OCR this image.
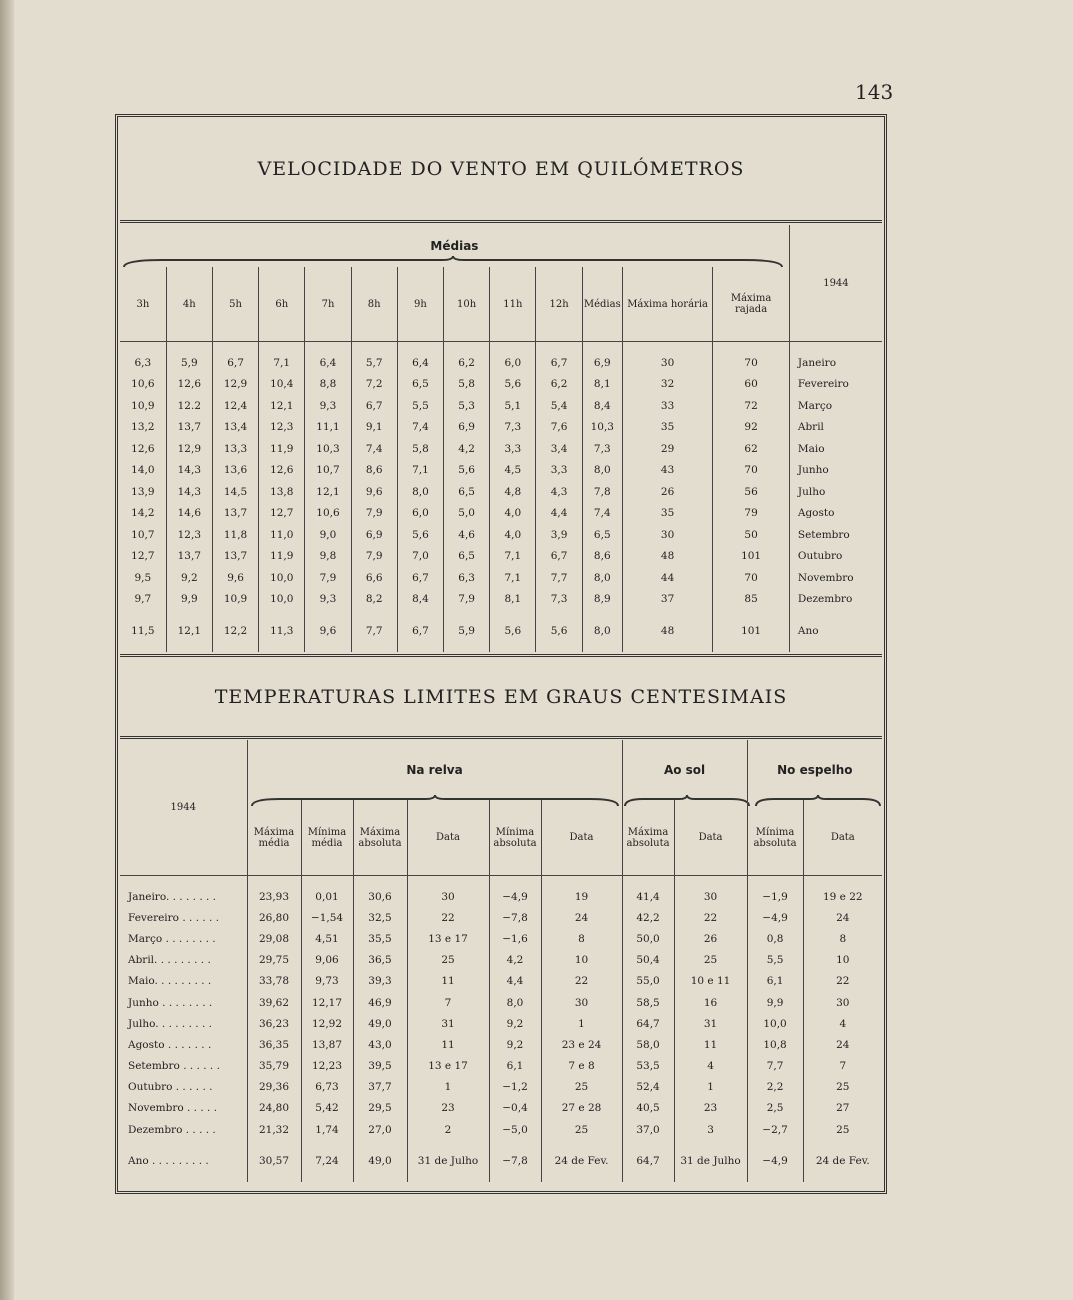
143
VELOCIDADE DO VENTO EM QUILÓMETROS
Médias													1944
3h	4h	5h	6h	7h	8h	9h	10h	11h	12h	Médias	Máxima horária	Máxima rajada	

6,3	5,9	6,7	7,1	6,4	5,7	6,4	6,2	6,0	6,7	6,9	30	70	Janeiro
10,6	12,6	12,9	10,4	8,8	7,2	6,5	5,8	5,6	6,2	8,1	32	60	Fevereiro
10,9	12.2	12,4	12,1	9,3	6,7	5,5	5,3	5,1	5,4	8,4	33	72	Março
13,2	13,7	13,4	12,3	11,1	9,1	7,4	6,9	7,3	7,6	10,3	35	92	Abril
12,6	12,9	13,3	11,9	10,3	7,4	5,8	4,2	3,3	3,4	7,3	29	62	Maio
14,0	14,3	13,6	12,6	10,7	8,6	7,1	5,6	4,5	3,3	8,0	43	70	Junho
13,9	14,3	14,5	13,8	12,1	9,6	8,0	6,5	4,8	4,3	7,8	26	56	Julho
14,2	14,6	13,7	12,7	10,6	7,9	6,0	5,0	4,0	4,4	7,4	35	79	Agosto
10,7	12,3	11,8	11,0	9,0	6,9	5,6	4,6	4,0	3,9	6,5	30	50	Setembro
12,7	13,7	13,7	11,9	9,8	7,9	7,0	6,5	7,1	6,7	8,6	48	101	Outubro
9,5	9,2	9,6	10,0	7,9	6,6	6,7	6,3	7,1	7,7	8,0	44	70	Novembro
9,7	9,9	10,9	10,0	9,3	8,2	8,4	7,9	8,1	7,3	8,9	37	85	Dezembro
11,5	12,1	12,2	11,3	9,6	7,7	6,7	5,9	5,6	5,6	8,0	48	101	Ano
TEMPERATURAS LIMITES EM GRAUS CENTESIMAIS
1944	Na relva						Ao sol		No espelho	
	Máxima média	Mínima média	Máxima absoluta	Data	Mínima absoluta	Data	Máxima absoluta	Data	Mínima absoluta	Data

Janeiro. . . . . . . .	23,93	0,01	30,6	30	−4,9	19	41,4	30	−1,9	19 e 22
Fevereiro . . . . . .	26,80	−1,54	32,5	22	−7,8	24	42,2	22	−4,9	24
Março . . . . . . . .	29,08	4,51	35,5	13 e 17	−1,6	8	50,0	26	0,8	8
Abril. . . . . . . . .	29,75	9,06	36,5	25	4,2	10	50,4	25	5,5	10
Maio. . . . . . . . .	33,78	9,73	39,3	11	4,4	22	55,0	10 e 11	6,1	22
Junho . . . . . . . .	39,62	12,17	46,9	7	8,0	30	58,5	16	9,9	30
Julho. . . . . . . . .	36,23	12,92	49,0	31	9,2	1	64,7	31	10,0	4
Agosto . . . . . . .	36,35	13,87	43,0	11	9,2	23 e 24	58,0	11	10,8	24
Setembro . . . . . .	35,79	12,23	39,5	13 e 17	6,1	7 e 8	53,5	4	7,7	7
Outubro . . . . . .	29,36	6,73	37,7	1	−1,2	25	52,4	1	2,2	25
Novembro . . . . .	24,80	5,42	29,5	23	−0,4	27 e 28	40,5	23	2,5	27
Dezembro . . . . .	21,32	1,74	27,0	2	−5,0	25	37,0	3	−2,7	25
Ano . . . . . . . . .	30,57	7,24	49,0	31 de Julho	−7,8	24 de Fev.	64,7	31 de Julho	−4,9	24 de Fev.
